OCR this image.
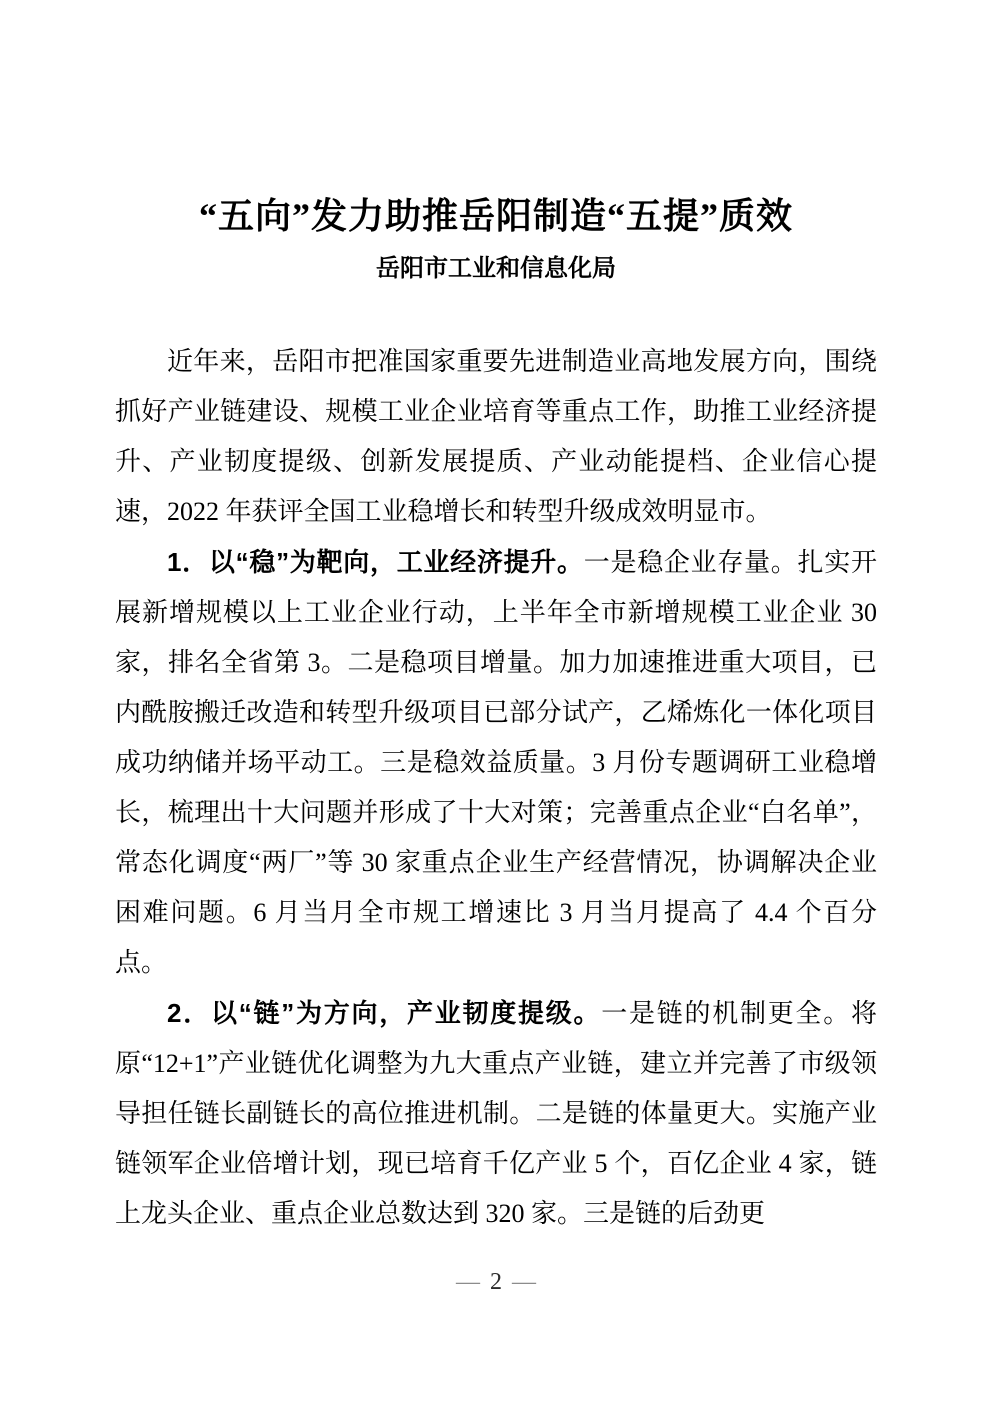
“五向”发力助推岳阳制造“五提”质效
岳阳市工业和信息化局

近年来，岳阳市把准国家重要先进制造业高地发展方向，围绕抓好产业链建设、规模工业企业培育等重点工作，助推工业经济提升、产业韧度提级、创新发展提质、产业动能提档、企业信心提速，2022 年获评全国工业稳增长和转型升级成效明显市。

1．以“稳”为靶向，工业经济提升。一是稳企业存量。扎实开展新增规模以上工业企业行动，上半年全市新增规模工业企业 30 家，排名全省第 3。二是稳项目增量。加力加速推进重大项目，已内酰胺搬迁改造和转型升级项目已部分试产，乙烯炼化一体化项目成功纳储并场平动工。三是稳效益质量。3 月份专题调研工业稳增长，梳理出十大问题并形成了十大对策；完善重点企业“白名单”，常态化调度“两厂”等 30 家重点企业生产经营情况，协调解决企业困难问题。6 月当月全市规工增速比 3 月当月提高了 4.4 个百分点。

2．以“链”为方向，产业韧度提级。一是链的机制更全。将原“12+1”产业链优化调整为九大重点产业链，建立并完善了市级领导担任链长副链长的高位推进机制。二是链的体量更大。实施产业链领军企业倍增计划，现已培育千亿产业 5 个，百亿企业 4 家，链上龙头企业、重点企业总数达到 320 家。三是链的后劲更

— 2 —
